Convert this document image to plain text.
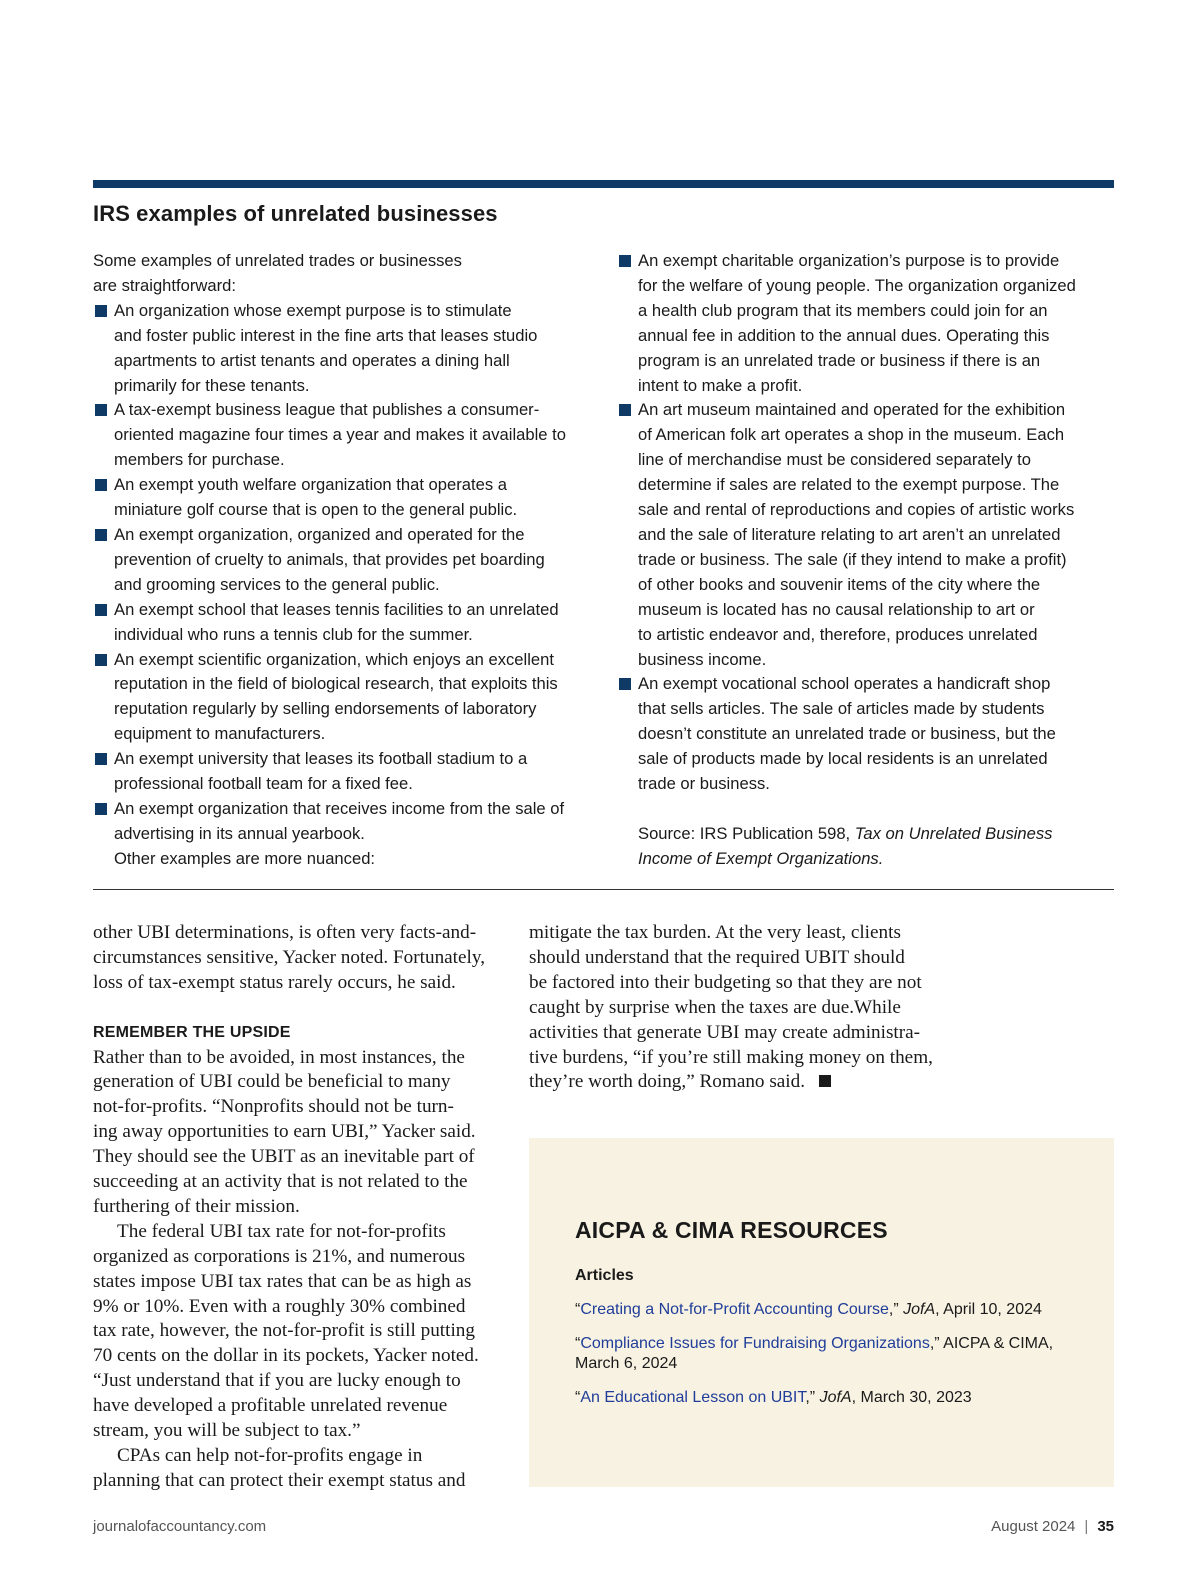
IRS examples of unrelated businesses

Some examples of unrelated trades or businesses

are straightforward:

An organization whose exempt purpose is to stimulate
and foster public interest in the fine arts that leases studio
apartments to artist tenants and operates a dining hall
primarily for these tenants.

A tax-exempt business league that publishes a consumer-
oriented magazine four times a year and makes it available to
members for purchase.

An exempt youth welfare organization that operates a
miniature golf course that is open to the general public.

An exempt organization, organized and operated for the
prevention of cruelty to animals, that provides pet boarding
and grooming services to the general public.

An exempt school that leases tennis facilities to an unrelated
individual who runs a tennis club for the summer.

An exempt scientific organization, which enjoys an excellent
reputation in the field of biological research, that exploits this
reputation regularly by selling endorsements of laboratory
equipment to manufacturers.

An exempt university that leases its football stadium to a
professional football team for a fixed fee.

An exempt organization that receives income from the sale of
advertising in its annual yearbook.

Other examples are more nuanced:

An exempt charitable organization’s purpose is to provide
for the welfare of young people. The organization organized
a health club program that its members could join for an
annual fee in addition to the annual dues. Operating this
program is an unrelated trade or business if there is an
intent to make a profit.

An art museum maintained and operated for the exhibition
of American folk art operates a shop in the museum. Each
line of merchandise must be considered separately to
determine if sales are related to the exempt purpose. The
sale and rental of reproductions and copies of artistic works
and the sale of literature relating to art aren’t an unrelated
trade or business. The sale (if they intend to make a profit)
of other books and souvenir items of the city where the
museum is located has no causal relationship to art or
to artistic endeavor and, therefore, produces unrelated
business income.

An exempt vocational school operates a handicraft shop
that sells articles. The sale of articles made by students
doesn’t constitute an unrelated trade or business, but the
sale of products made by local residents is an unrelated
trade or business.

Source: IRS Publication 598, Tax on Unrelated Business

Income of Exempt Organizations.

other UBI determinations, is often very facts-and-
circumstances sensitive, Yacker noted. Fortunately,
loss of tax-exempt status rarely occurs, he said.

REMEMBER THE UPSIDE

Rather than to be avoided, in most instances, the
generation of UBI could be beneficial to many
not-for-profits. “Nonprofits should not be turn-
ing away opportunities to earn UBI,” Yacker said.
They should see the UBIT as an inevitable part of
succeeding at an activity that is not related to the
furthering of their mission.

The federal UBI tax rate for not-for-profits
organized as corporations is 21%, and numerous
states impose UBI tax rates that can be as high as
9% or 10%. Even with a roughly 30% combined
tax rate, however, the not-for-profit is still putting
70 cents on the dollar in its pockets, Yacker noted.
“Just understand that if you are lucky enough to
have developed a profitable unrelated revenue
stream, you will be subject to tax.”

CPAs can help not-for-profits engage in
planning that can protect their exempt status and

mitigate the tax burden. At the very least, clients
should understand that the required UBIT should
be factored into their budgeting so that they are not
caught by surprise when the taxes are due.While
activities that generate UBI may create administra-
tive burdens, “if you’re still making money on them,
they’re worth doing,” Romano said.

AICPA & CIMA RESOURCES
Articles

“Creating a Not-for-Profit Accounting Course,” JofA, April 10, 2024

“Compliance Issues for Fundraising Organizations,” AICPA & CIMA, March 6, 2024

“An Educational Lesson on UBIT,” JofA, March 30, 2023

journalofaccountancy.com	August 2024 | 35
